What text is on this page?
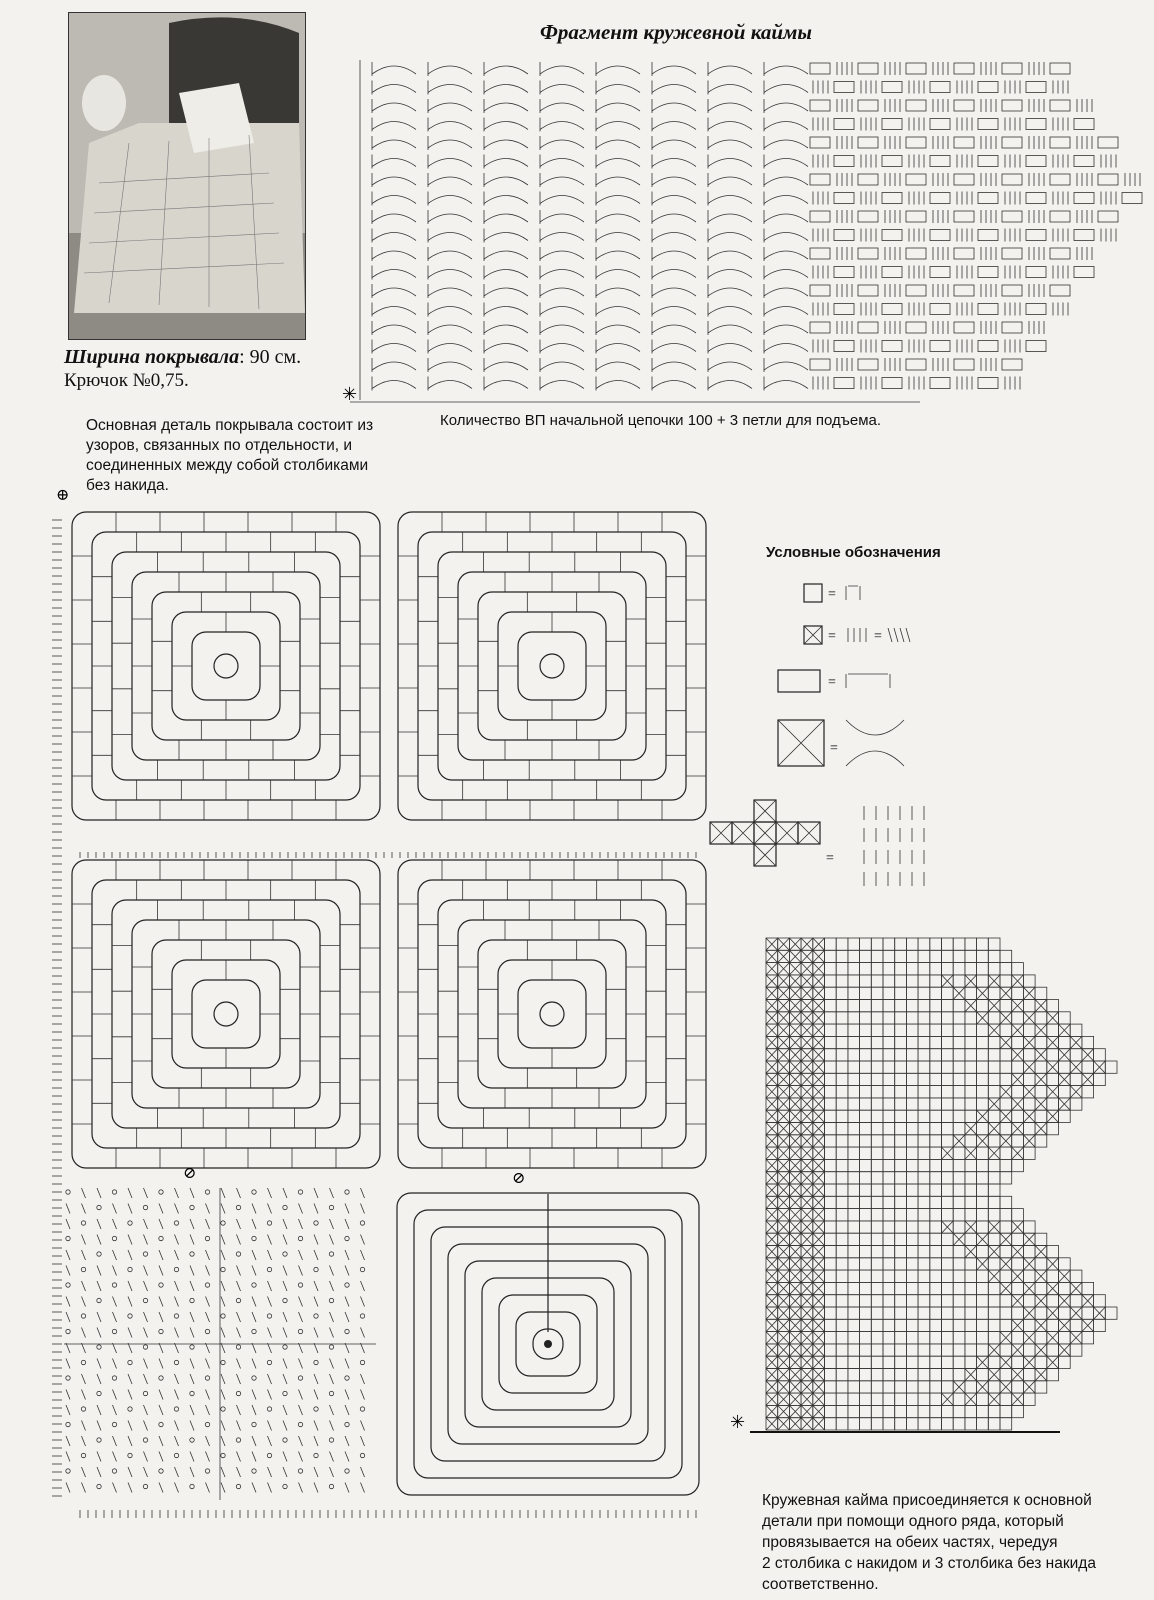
Фрагмент кружевной каймы
Ширина покрывала: 90 см.
Крючок №0,75.
Основная деталь покрывала состоит из
узоров, связанных по отдельности, и
соединенных между собой столбиками
без накида.
Количество ВП начальной цепочки 100 + 3 петли для подъема.
Условные обозначения
Кружевная кайма присоединяется к основной
детали при помощи одного ряда, который
провязывается на обеих частях, чередуя
2 столбика с накидом и 3 столбика без накида
соответственно.
=
=	=
=
=
=
✳
✳
⊕
⊘	⊘
